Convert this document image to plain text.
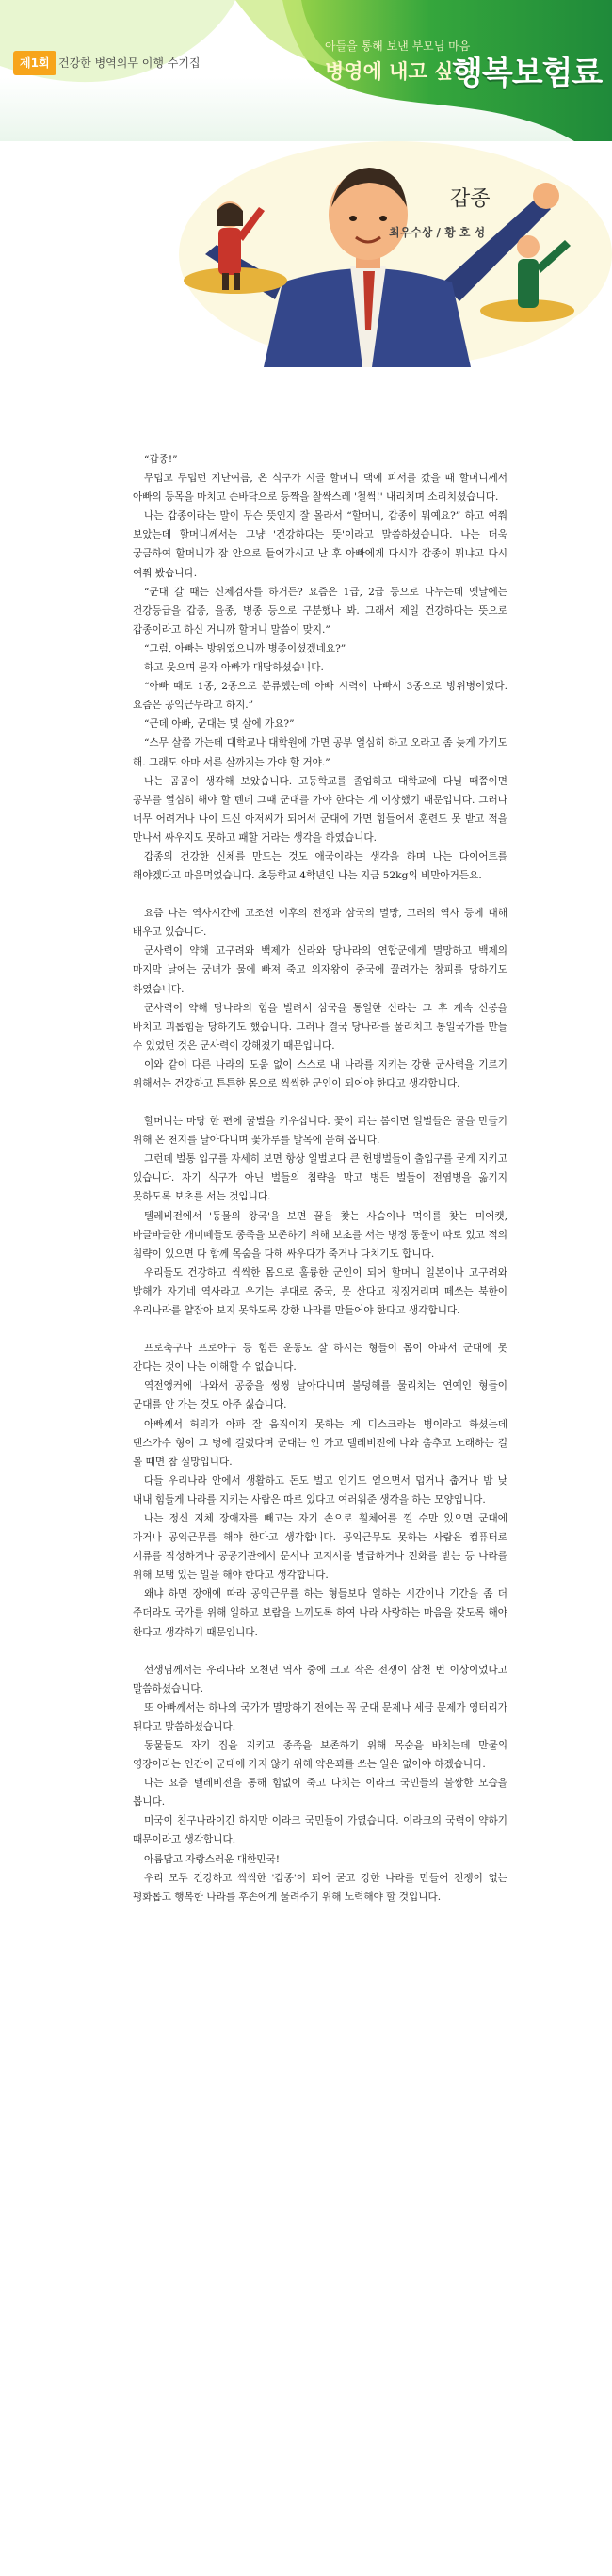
제1회 건강한 병역의무 이행 수기집
아들을 통해 보낸 부모님 마음
병영에 내고 싶은
행복보험료
갑종
최우수상 / 황 호 성

“갑종!”

무덥고 무덥던 지난여름, 온 식구가 시골 할머니 댁에 피서를 갔을 때 할머니께서 아빠의 등목을 마치고 손바닥으로 등짝을 찰싹스레 '철썩!' 내리치며 소리치셨습니다.

나는 갑종이라는 말이 무슨 뜻인지 잘 몰라서 “할머니, 갑종이 뭐예요?” 하고 여쭤 보았는데 할머니께서는 그냥 '건강하다는 뜻'이라고 말씀하셨습니다. 나는 더욱 궁금하여 할머니가 잠 안으로 들어가시고 난 후 아빠에게 다시가 갑종이 뭐냐고 다시 여쭤 봤습니다.

“군대 갈 때는 신체검사를 하거든? 요즘은 1급, 2급 등으로 나누는데 옛날에는 건강등급을 갑종, 을종, 병종 등으로 구분했나 봐. 그래서 제일 건강하다는 뜻으로 갑종이라고 하신 거니까 할머니 말씀이 맞지.”

“그럼, 아빠는 방위였으니까 병종이셨겠네요?”

하고 웃으며 묻자 아빠가 대답하셨습니다.

“아빠 때도 1종, 2종으로 분류했는데 아빠 시력이 나빠서 3종으로 방위병이었다. 요즘은 공익근무라고 하지.”

“근데 아빠, 군대는 몇 살에 가요?”

“스무 살쯤 가는데 대학교나 대학원에 가면 공부 열심히 하고 오라고 좀 늦게 가기도 해. 그래도 아마 서른 살까지는 가야 할 거야.”

나는 곰곰이 생각해 보았습니다. 고등학교를 졸업하고 대학교에 다닐 때쯤이면 공부를 열심히 해야 할 텐데 그때 군대를 가야 한다는 게 이상했기 때문입니다. 그러나 너무 어려거나 나이 드신 아저씨가 되어서 군대에 가면 힘들어서 훈련도 못 받고 적을 만나서 싸우지도 못하고 패할 거라는 생각을 하였습니다.

갑종의 건강한 신체를 만드는 것도 애국이라는 생각을 하며 나는 다이어트를 해야겠다고 마음먹었습니다. 초등학교 4학년인 나는 지금 52kg의 비만아거든요.

요즘 나는 역사시간에 고조선 이후의 전쟁과 삼국의 멸망, 고려의 역사 등에 대해 배우고 있습니다.

군사력이 약해 고구려와 백제가 신라와 당나라의 연합군에게 멸망하고 백제의 마지막 날에는 궁녀가 물에 빠져 죽고 의자왕이 중국에 끌려가는 창피를 당하기도 하였습니다.

군사력이 약해 당나라의 힘을 빌려서 삼국을 통일한 신라는 그 후 계속 신봉을 바치고 괴롭힘을 당하기도 했습니다. 그러나 결국 당나라를 물리치고 통일국가를 만들 수 있었던 것은 군사력이 강해졌기 때문입니다.

이와 같이 다른 나라의 도움 없이 스스로 내 나라를 지키는 강한 군사력을 기르기 위해서는 건강하고 튼튼한 몸으로 씩씩한 군인이 되어야 한다고 생각합니다.

할머니는 마당 한 편에 꿀벌을 키우십니다. 꽃이 피는 봄이면 일벌들은 꿀을 만들기 위해 온 천지를 날아다니며 꽃가루를 발목에 묻혀 옵니다.

그런데 벌통 입구를 자세히 보면 항상 일벌보다 큰 헌병벌들이 출입구를 굳게 지키고 있습니다. 자기 식구가 아닌 벌들의 침략을 막고 병든 벌들이 전염병을 옮기지 못하도록 보초를 서는 것입니다.

텔레비전에서 '동물의 왕국'을 보면 꿀을 찾는 사슴이나 먹이를 찾는 미어캣, 바글바글한 개미떼들도 종족을 보존하기 위해 보초를 서는 병정 동물이 따로 있고 적의 침략이 있으면 다 함께 목숨을 다해 싸우다가 죽거나 다치기도 합니다.

우리들도 건강하고 씩씩한 몸으로 훌륭한 군인이 되어 할머니 일본이나 고구려와 발해가 자기네 역사라고 우기는 부대로 중국, 못 산다고 징징거리며 떼쓰는 북한이 우리나라를 얕잡아 보지 못하도록 강한 나라를 만들어야 한다고 생각합니다.

프로축구나 프로야구 등 힘든 운동도 잘 하시는 형들이 몸이 아파서 군대에 못 간다는 것이 나는 이해할 수 없습니다.

역전앵커에 나와서 공중을 씽씽 날아다니며 불덩해를 물리치는 연예인 형들이 군대를 안 가는 것도 아주 싫습니다.

아빠께서 허리가 아파 잘 움직이지 못하는 게 디스크라는 병이라고 하셨는데 댄스가수 형이 그 병에 걸렸다며 군대는 안 가고 텔레비전에 나와 춤추고 노래하는 걸 볼 때면 참 실망입니다.

다들 우리나라 안에서 생활하고 돈도 벌고 인기도 얻으면서 덥거나 춥거나 밤 낮 내내 힘들게 나라를 지키는 사람은 따로 있다고 여러워준 생각을 하는 모양입니다.

나는 정신 지체 장애자를 빼고는 자기 손으로 훨체어를 낄 수만 있으면 군대에 가거나 공익근무를 해야 한다고 생각합니다. 공익근무도 못하는 사람은 컴퓨터로 서류를 작성하거나 공공기관에서 문서나 고지서를 발급하거나 전화를 받는 등 나라를 위해 보탬 있는 일을 해야 한다고 생각합니다.

왜냐 하면 장애에 따라 공익근무를 하는 형들보다 일하는 시간이나 기간을 좀 더 주더라도 국가를 위해 일하고 보람을 느끼도록 하여 나라 사랑하는 마음을 갖도록 해야 한다고 생각하기 때문입니다.

선생님께서는 우리나라 오천년 역사 중에 크고 작은 전쟁이 삼천 번 이상이었다고 말씀하셨습니다.

또 아빠께서는 하나의 국가가 멸망하기 전에는 꼭 군대 문제나 세금 문제가 영터리가 된다고 말씀하셨습니다.

동물들도 자기 집을 지키고 종족을 보존하기 위해 목숨을 바치는데 만물의 영장이라는 인간이 군대에 가지 않기 위해 약은꾀를 쓰는 일은 없어야 하겠습니다.

나는 요즘 텔레비전을 통해 힘없이 죽고 다치는 이라크 국민들의 불쌍한 모습을 봅니다.

미국이 친구나라이긴 하지만 이라크 국민들이 가엾습니다. 이라크의 국력이 약하기 때문이라고 생각합니다.

아름답고 자랑스러운 대한민국!

우리 모두 건강하고 씩씩한 '갑종'이 되어 굳고 강한 나라를 만들어 전쟁이 없는 평화롭고 행복한 나라를 후손에게 물려주기 위해 노력해야 할 것입니다.
